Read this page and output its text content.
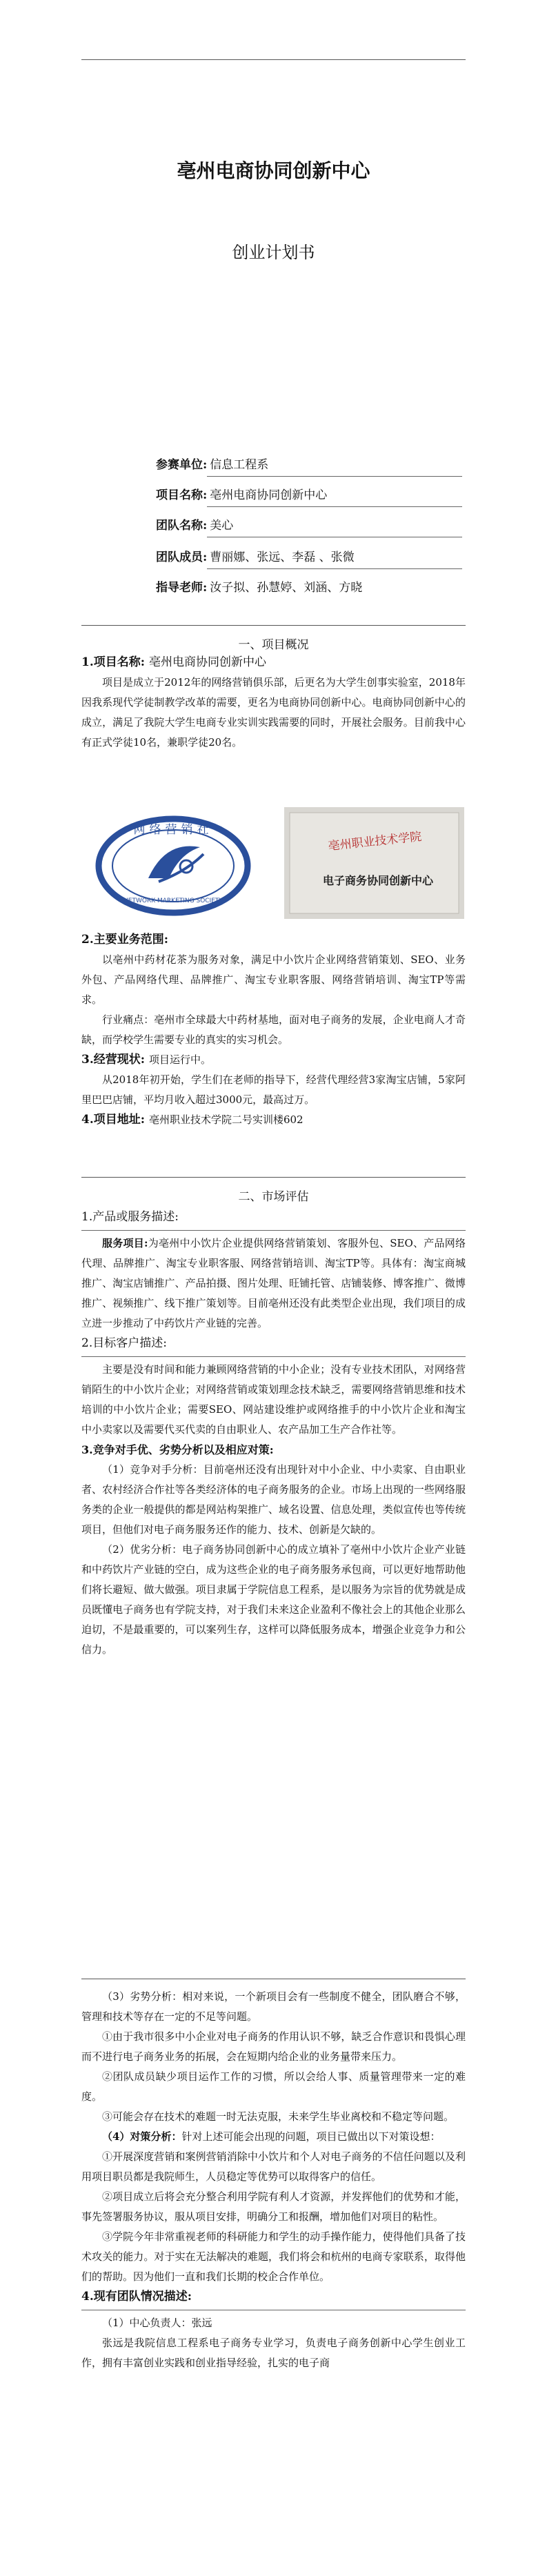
亳州电商协同创新中心
创业计划书
参赛单位: 信息工程系
项目名称: 亳州电商协同创新中心
团队名称: 美心
团队成员: 曹丽娜、张远、李磊 、张微
指导老师: 汝子拟、孙慧婷、刘涵、方晓
一、项目概况

1.项目名称: 亳州电商协同创新中心

项目是成立于2012年的网络营销俱乐部，后更名为大学生创事实验室，2018年因我系现代学徒制教学改革的需要，更名为电商协同创新中心。电商协同创新中心的成立，满足了我院大学生电商专业实训实践需要的同时，开展社会服务。目前我中心有正式学徒10名，兼职学徒20名。

网络营销社
NETWORK MARKETING SOCIETY
亳州职业技术学院
电子商务协同创新中心

2.主要业务范围:

以亳州中药材花茶为服务对象，满足中小饮片企业网络营销策划、SEO、业务外包、产品网络代理、品牌推广、淘宝专业职客服、网络营销培训、淘宝TP等需求。

行业痛点：亳州市全球最大中药材基地，面对电子商务的发展，企业电商人才奇缺，而学校学生需要专业的真实的实习机会。

3.经营现状: 项目运行中。

从2018年初开始，学生们在老师的指导下，经营代理经营3家淘宝店铺，5家阿里巴巴店铺，平均月收入超过3000元，最高过万。

4.项目地址: 亳州职业技术学院二号实训楼602

二、市场评估

1.产品或服务描述:

服务项目:为亳州中小饮片企业提供网络营销策划、客服外包、SEO、产品网络代理、品牌推广、淘宝专业职客服、网络营销培训、淘宝TP等。具体有：淘宝商城推广、淘宝店铺推广、产品拍摄、图片处理、旺铺托管、店铺装修、博客推广、微博推广、视频推广、线下推广策划等。目前亳州还没有此类型企业出现，我们项目的成立进一步推动了中药饮片产业链的完善。

2.目标客户描述:

主要是没有时间和能力兼顾网络营销的中小企业；没有专业技术团队，对网络营销陌生的中小饮片企业；对网络营销或策划理念技术缺乏，需要网络营销思维和技术培训的中小饮片企业；需要SEO、网站建设维护或网络推手的中小饮片企业和淘宝中小卖家以及需要代买代卖的自由职业人、农产品加工生产合作社等。

3.竞争对手优、劣势分析以及相应对策:

（1）竞争对手分析：目前亳州还没有出现针对中小企业、中小卖家、自由职业者、农村经济合作社等各类经济体的电子商务服务的企业。市场上出现的一些网络服务类的企业一般提供的都是网站构架推广、域名设置、信息处理，类似宣传也等传统项目，但他们对电子商务服务还作的能力、技术、创新是欠缺的。

（2）优劣分析：电子商务协同创新中心的成立填补了亳州中小饮片企业产业链和中药饮片产业链的空白，成为这些企业的电子商务服务承包商，可以更好地帮助他们将长避短、做大做强。项目隶属于学院信息工程系，是以服务为宗旨的优势就是成员既懂电子商务也有学院支持，对于我们未来这企业盈利不像社会上的其他企业那么迫切，不是最重要的，可以案列生存，这样可以降低服务成本，增强企业竞争力和公信力。

（3）劣势分析：相对来说，一个新项目会有一些制度不健全，团队磨合不够，管理和技术等存在一定的不足等问题。

①由于我市很多中小企业对电子商务的作用认识不够，缺乏合作意识和畏惧心理而不进行电子商务业务的拓展，会在短期内给企业的业务量带来压力。

②团队成员缺少项目运作工作的习惯，所以会给人事、质量管理带来一定的难度。

③可能会存在技术的难题一时无法克服，未来学生毕业离校和不稳定等问题。

（4）对策分析：针对上述可能会出现的问题，项目已做出以下对策设想：

①开展深度营销和案例营销消除中小饮片和个人对电子商务的不信任问题以及利用项目职员都是我院师生，人员稳定等优势可以取得客户的信任。

②项目成立后将会充分整合利用学院有利人才资源，并发挥他们的优势和才能，事先签署服务协议，服从项目安排，明确分工和报酬，增加他们对项目的粘性。

③学院今年非常重视老师的科研能力和学生的动手操作能力，使得他们具备了技术攻关的能力。对于实在无法解决的难题，我们将会和杭州的电商专家联系，取得他们的帮助。因为他们一直和我们长期的校企合作单位。

4.现有团队情况描述:

（1）中心负责人：张远

张远是我院信息工程系电子商务专业学习，负责电子商务创新中心学生创业工作，拥有丰富创业实践和创业指导经验，扎实的电子商
